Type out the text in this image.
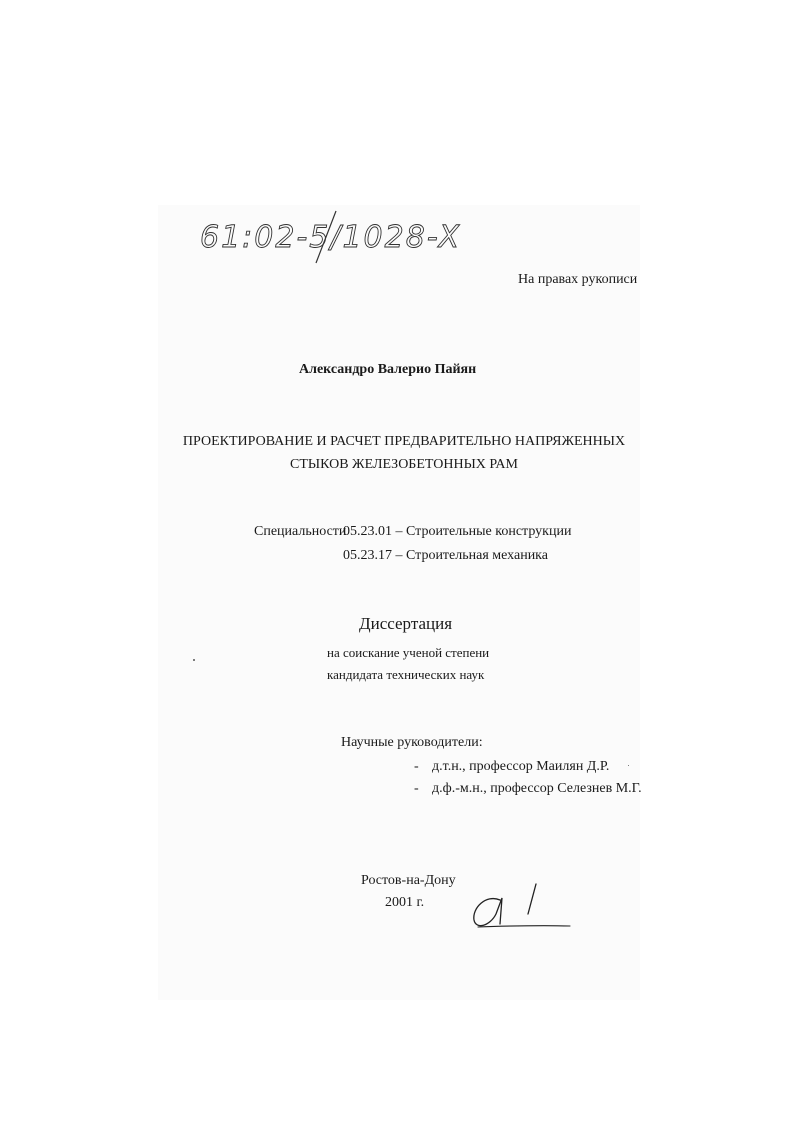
61:02-5/1028-X
На правах рукописи
Александро Валерио Пайян
ПРОЕКТИРОВАНИЕ И РАСЧЕТ ПРЕДВАРИТЕЛЬНО НАПРЯЖЕННЫХ
СТЫКОВ ЖЕЛЕЗОБЕТОННЫХ РАМ
Специальности
05.23.01 – Строительные конструкции
05.23.17 – Строительная механика
Диссертация
на соискание ученой степени
кандидата технических наук
Научные руководители:
- д.т.н., профессор Маилян Д.Р.
- д.ф.-м.н., профессор Селезнев М.Г.
Ростов-на-Дону
2001 г.
